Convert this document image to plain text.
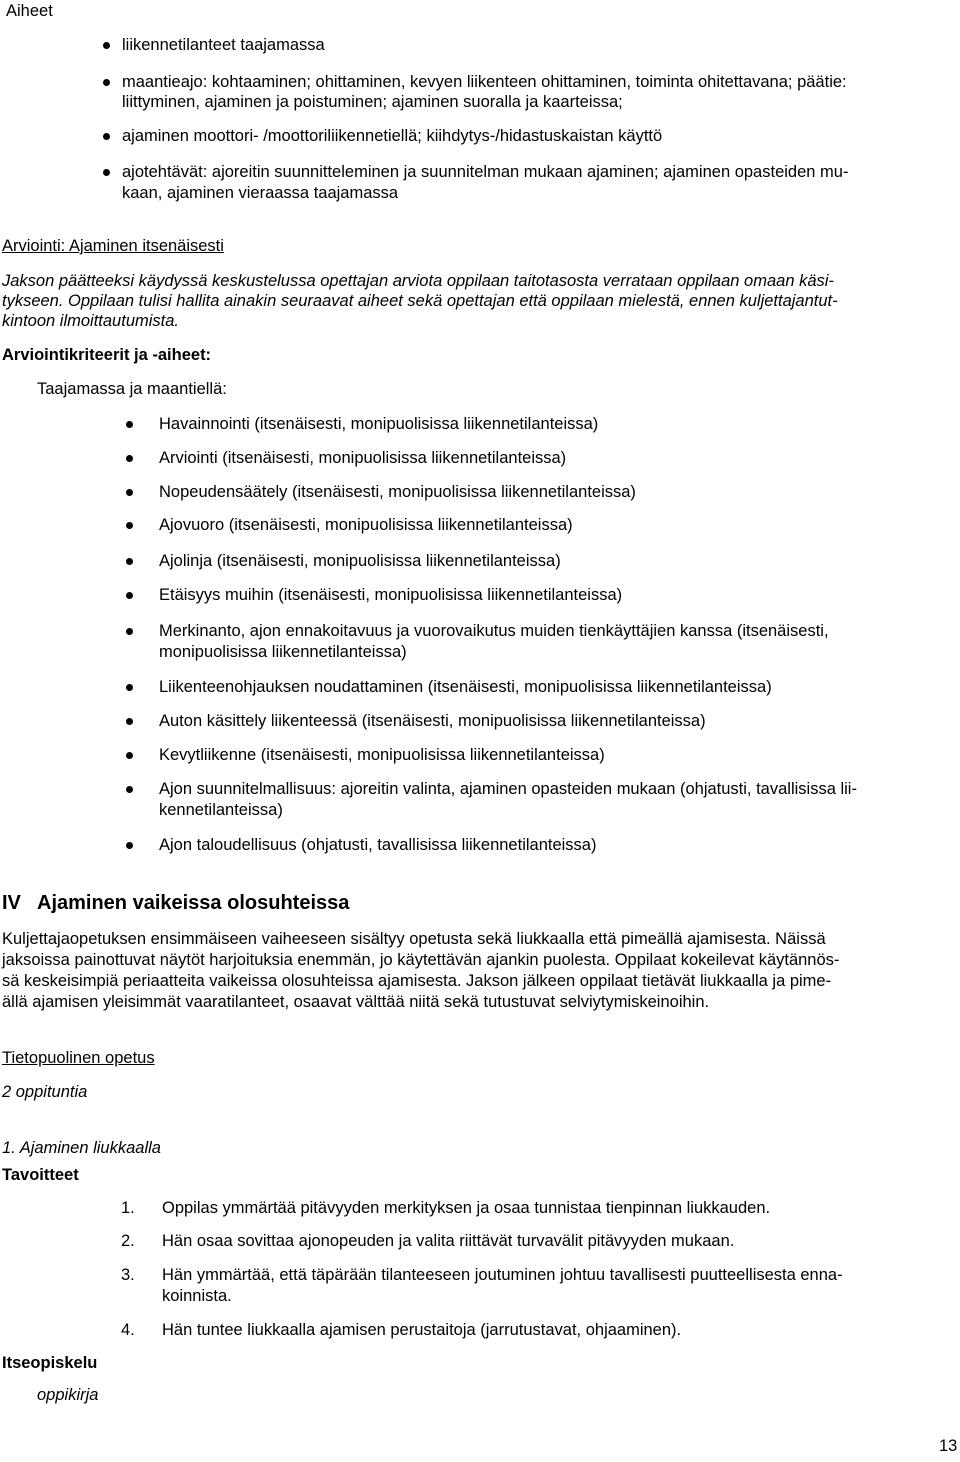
Aiheet
liikennetilanteet taajamassa
maantieajo: kohtaaminen; ohittaminen, kevyen liikenteen ohittaminen, toiminta ohitettavana; päätie:
liittyminen, ajaminen ja poistuminen; ajaminen suoralla ja kaarteissa;
ajaminen moottori- /moottoriliikennetiellä; kiihdytys-/hidastuskaistan käyttö
ajotehtävät: ajoreitin suunnitteleminen ja suunnitelman mukaan ajaminen; ajaminen opasteiden mu-
kaan, ajaminen vieraassa taajamassa
Arviointi: Ajaminen itsenäisesti
Jakson päätteeksi käydyssä keskustelussa opettajan arviota oppilaan taitotasosta verrataan oppilaan omaan käsi-
tykseen. Oppilaan tulisi hallita ainakin seuraavat aiheet sekä opettajan että oppilaan mielestä, ennen kuljettajantut-
kintoon ilmoittautumista.
Arviointikriteerit ja -aiheet:
Taajamassa ja maantiellä:
Havainnointi (itsenäisesti, monipuolisissa liikennetilanteissa)
Arviointi (itsenäisesti, monipuolisissa liikennetilanteissa)
Nopeudensäätely (itsenäisesti, monipuolisissa liikennetilanteissa)
Ajovuoro (itsenäisesti, monipuolisissa liikennetilanteissa)
Ajolinja (itsenäisesti, monipuolisissa liikennetilanteissa)
Etäisyys muihin (itsenäisesti, monipuolisissa liikennetilanteissa)
Merkinanto, ajon ennakoitavuus ja vuorovaikutus muiden tienkäyttäjien kanssa (itsenäisesti,
monipuolisissa liikennetilanteissa)
Liikenteenohjauksen noudattaminen (itsenäisesti, monipuolisissa liikennetilanteissa)
Auton käsittely liikenteessä (itsenäisesti, monipuolisissa liikennetilanteissa)
Kevytliikenne (itsenäisesti, monipuolisissa liikennetilanteissa)
Ajon suunnitelmallisuus: ajoreitin valinta, ajaminen opasteiden mukaan (ohjatusti, tavallisissa lii-
kennetilanteissa)
Ajon taloudellisuus (ohjatusti, tavallisissa liikennetilanteissa)
IV Ajaminen vaikeissa olosuhteissa
Kuljettajaopetuksen ensimmäiseen vaiheeseen sisältyy opetusta sekä liukkaalla että pimeällä ajamisesta. Näissä
jaksoissa painottuvat näytöt harjoituksia enemmän, jo käytettävän ajankin puolesta. Oppilaat kokeilevat käytännös-
sä keskeisimpiä periaatteita vaikeissa olosuhteissa ajamisesta. Jakson jälkeen oppilaat tietävät liukkaalla ja pime-
ällä ajamisen yleisimmät vaaratilanteet, osaavat välttää niitä sekä tutustuvat selviytymiskeinoihin.
Tietopuolinen opetus
2 oppituntia
1. Ajaminen liukkaalla
Tavoitteet
1. Oppilas ymmärtää pitävyyden merkityksen ja osaa tunnistaa tienpinnan liukkauden.
2. Hän osaa sovittaa ajonopeuden ja valita riittävät turvavälit pitävyyden mukaan.
3. Hän ymmärtää, että täpärään tilanteeseen joutuminen johtuu tavallisesti puutteellisesta enna-
koinnista.
4. Hän tuntee liukkaalla ajamisen perustaitoja (jarrutustavat, ohjaaminen).
Itseopiskelu
oppikirja
13
